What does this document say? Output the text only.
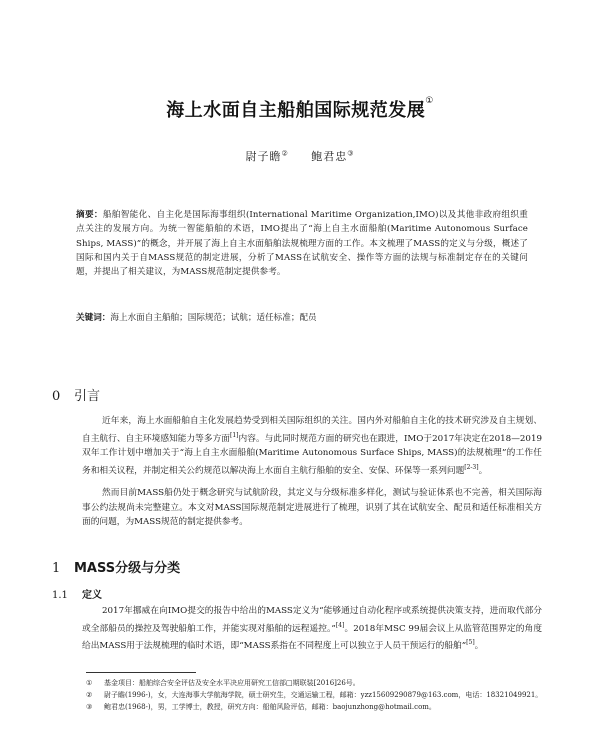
海上水面自主船舶国际规范发展①
尉子瞻② 鲍君忠③
摘要：船舶智能化、自主化是国际海事组织(International Maritime Organization,IMO)以及其他非政府组织重点关注的发展方向。为统一智能船舶的术语，IMO提出了“海上自主水面船舶(Maritime Autonomous Surface Ships, MASS)”的概念，并开展了海上自主水面船舶法规梳理方面的工作。本文梳理了MASS的定义与分级，概述了国际和国内关于自MASS规范的制定进展，分析了MASS在试航安全、操作等方面的法规与标准制定存在的关键问题，并提出了相关建议，为MASS规范制定提供参考。
关键词：海上水面自主船舶；国际规范；试航；适任标准；配员
0 引言
近年来，海上水面船舶自主化发展趋势受到相关国际组织的关注。国内外对船舶自主化的技术研究涉及自主规划、自主航行、自主环境感知能力等多方面[1]内容。与此同时规范方面的研究也在跟进，IMO于2017年决定在2018—2019双年工作计划中增加关于“海上自主水面船舶(Maritime Autonomous Surface Ships, MASS)的法规梳理”的工作任务和相关议程，并制定相关公约规范以解决海上水面自主航行船舶的安全、安保、环保等一系列问题[2-3]。
然而目前MASS船仍处于概念研究与试航阶段，其定义与分级标准多样化，测试与验证体系也不完善，相关国际海事公约法规尚未完整建立。本文对MASS国际规范制定进展进行了梳理，识别了其在试航安全、配员和适任标准相关方面的问题，为MASS规范的制定提供参考。
1 MASS分级与分类
1.1 定义
2017年挪威在向IMO提交的报告中给出的MASS定义为“能够通过自动化程序或系统提供决策支持，进而取代部分或全部船员的操控及驾驶船舶工作，并能实现对船舶的远程遥控。”[4]。2018年MSC 99届会议上从监管范围界定的角度给出MASS用于法规梳理的临时术语，即“MASS系指在不同程度上可以独立于人员干预运行的船舶”[5]。
① 基金项目：船舶综合安全评估及安全水平决应用研究工信部□期联装[2016]26号。
② 尉子瞻(1996-)，女，大连海事大学航海学院，硕士研究生，交通运输工程，邮箱：yzz15609290879@163.com，电话：18321049921。
③ 鲍君忠(1968-)，男，工学博士，教授，研究方向：船舶风险评估，邮箱：baojunzhong@hotmail.com。
